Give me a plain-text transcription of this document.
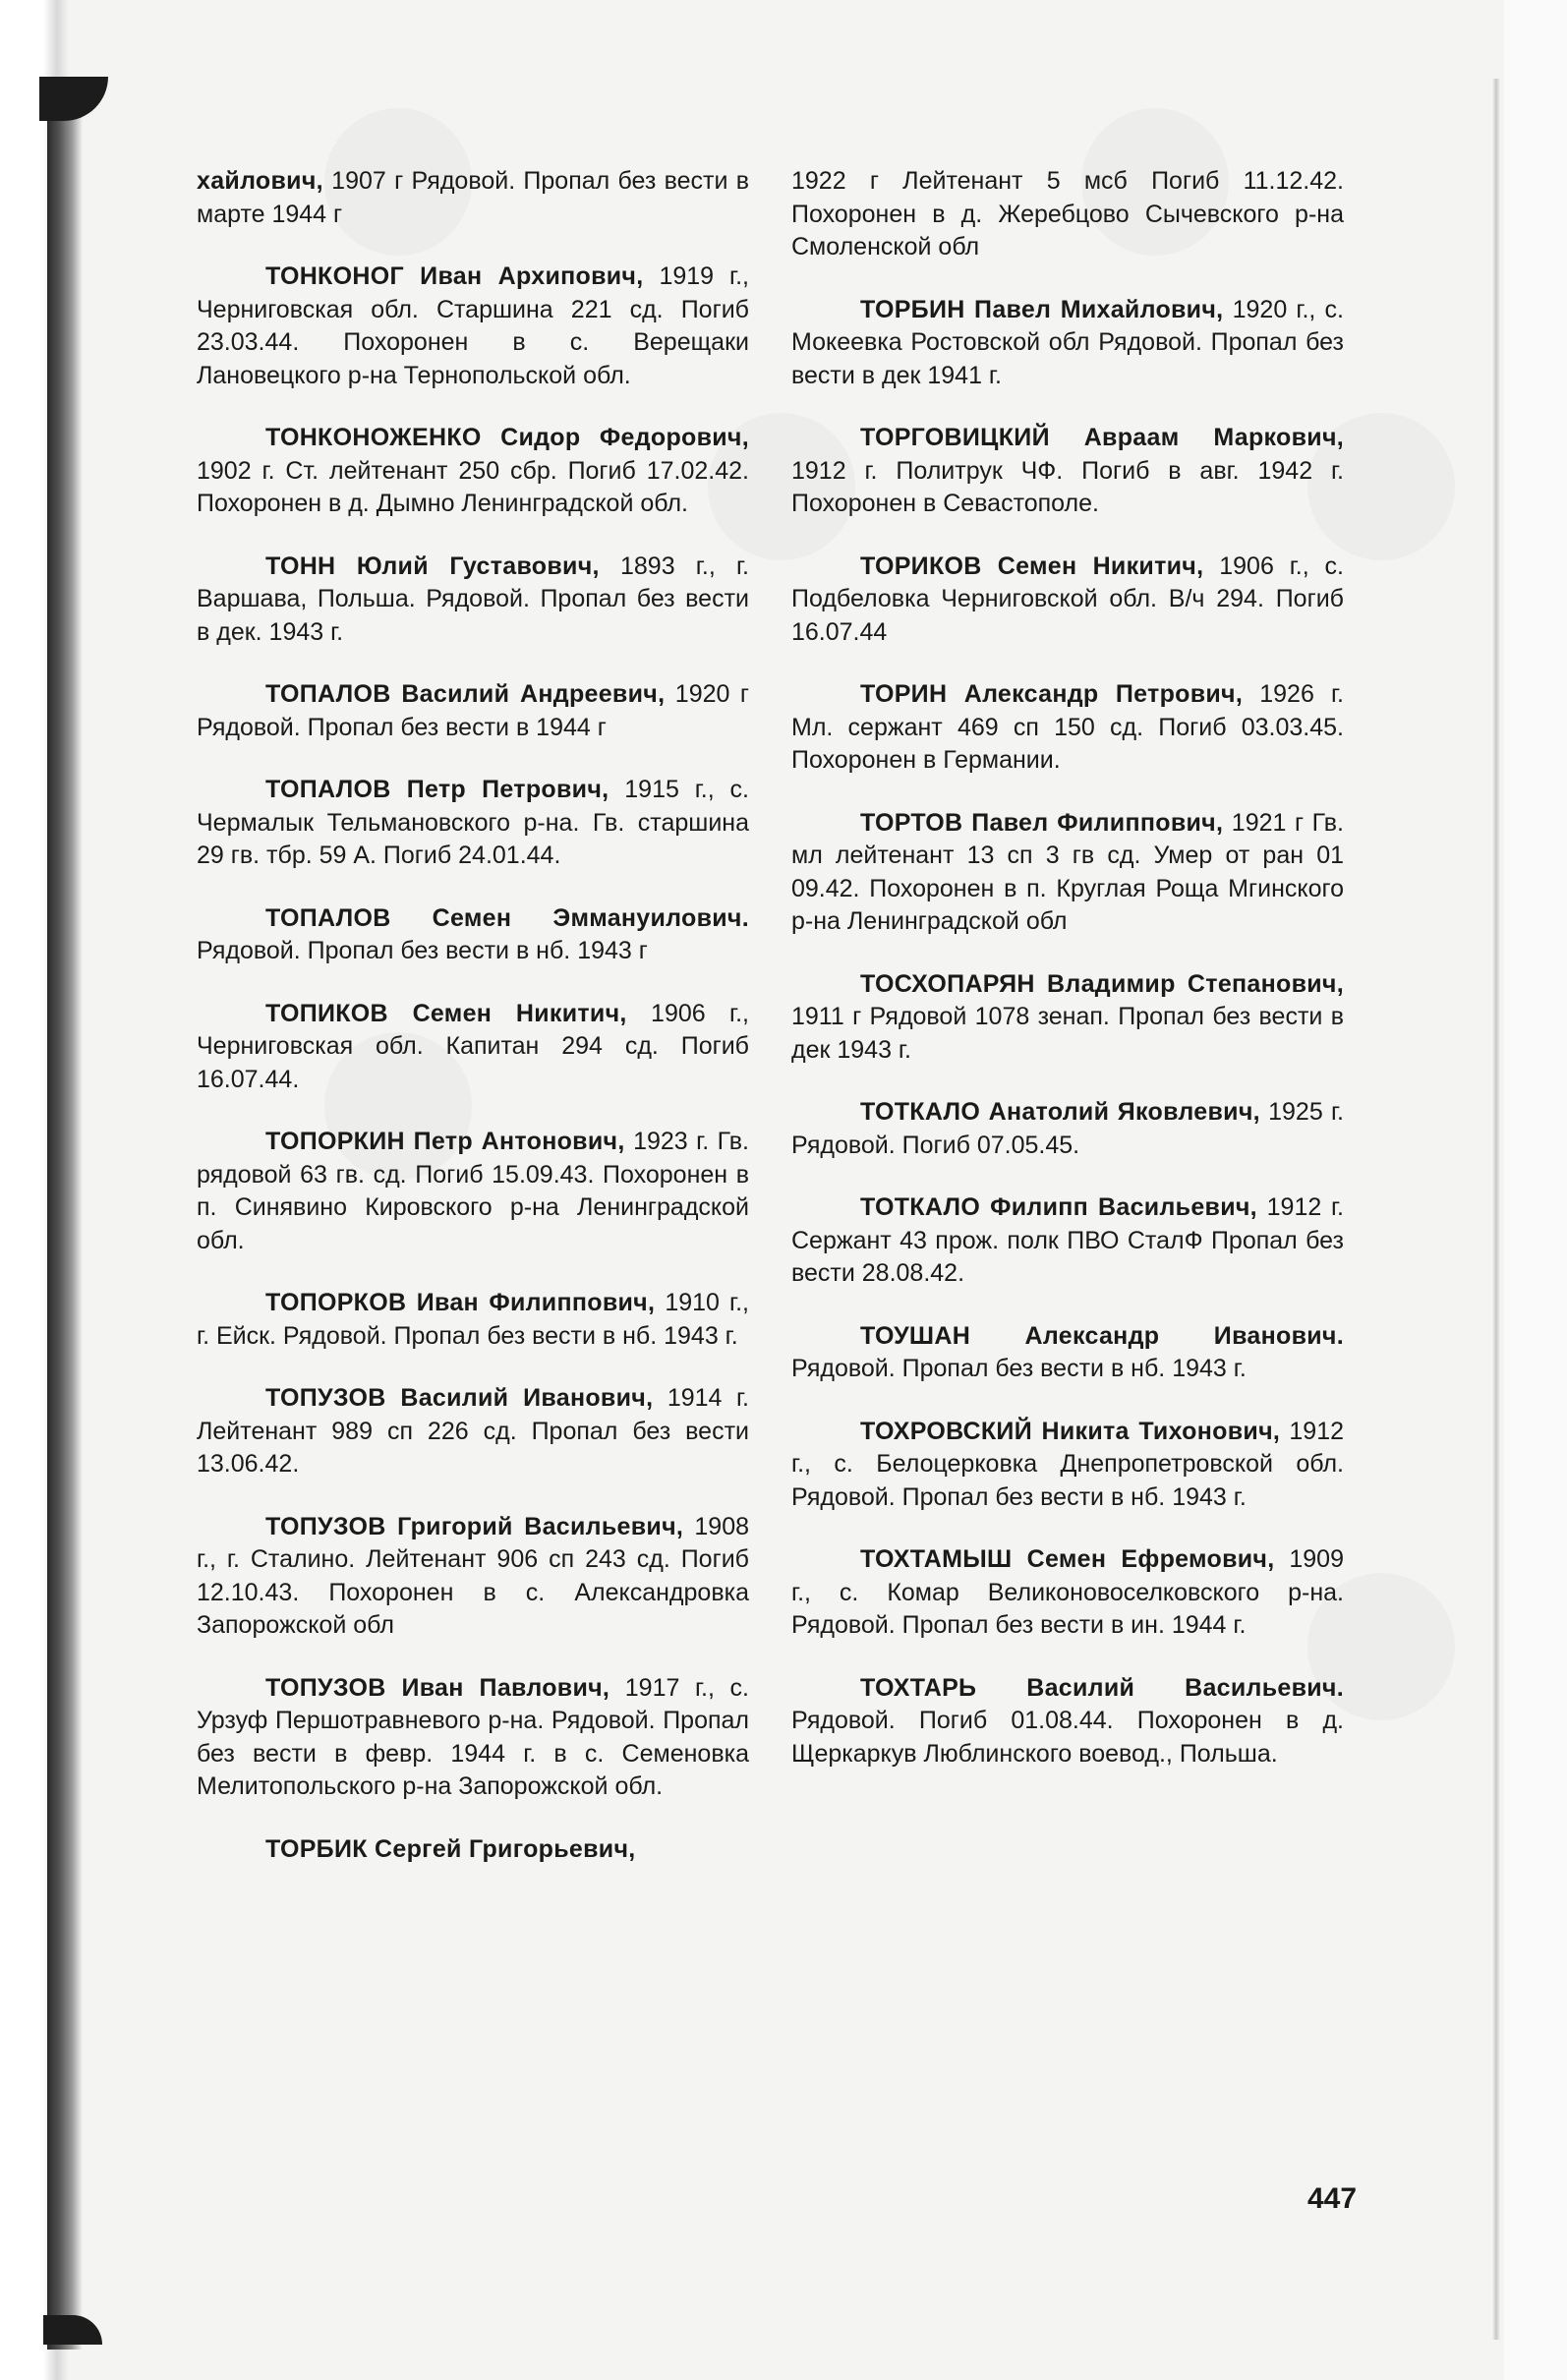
хайлович, 1907 г Рядовой. Пропал без вести в марте 1944 г

ТОНКОНОГ Иван Архипович, 1919 г., Черниговская обл. Старшина 221 сд. Погиб 23.03.44. Похоронен в с. Верещаки Лановецкого р-на Тернопольской обл.

ТОНКОНОЖЕНКО Сидор Федорович, 1902 г. Ст. лейтенант 250 сбр. Погиб 17.02.42. Похоронен в д. Дымно Ленинградской обл.

ТОНН Юлий Густавович, 1893 г., г. Варшава, Польша. Рядовой. Пропал без вести в дек. 1943 г.

ТОПАЛОВ Василий Андреевич, 1920 г Рядовой. Пропал без вести в 1944 г

ТОПАЛОВ Петр Петрович, 1915 г., с. Чермалык Тельмановского р-на. Гв. старшина 29 гв. тбр. 59 А. Погиб 24.01.44.

ТОПАЛОВ Семен Эммануилович. Рядовой. Пропал без вести в нб. 1943 г

ТОПИКОВ Семен Никитич, 1906 г., Черниговская обл. Капитан 294 сд. Погиб 16.07.44.

ТОПОРКИН Петр Антонович, 1923 г. Гв. рядовой 63 гв. сд. Погиб 15.09.43. Похоронен в п. Синявино Кировского р-на Ленинградской обл.

ТОПОРКОВ Иван Филиппович, 1910 г., г. Ейск. Рядовой. Пропал без вести в нб. 1943 г.

ТОПУЗОВ Василий Иванович, 1914 г. Лейтенант 989 сп 226 сд. Пропал без вести 13.06.42.

ТОПУЗОВ Григорий Васильевич, 1908 г., г. Сталино. Лейтенант 906 сп 243 сд. Погиб 12.10.43. Похоронен в с. Александровка Запорожской обл

ТОПУЗОВ Иван Павлович, 1917 г., с. Урзуф Першотравневого р-на. Рядовой. Пропал без вести в февр. 1944 г. в с. Семеновка Мелитопольского р-на Запорожской обл.

ТОРБИК Сергей Григорьевич,

1922 г Лейтенант 5 мсб Погиб 11.12.42. Похоронен в д. Жеребцово Сычевского р-на Смоленской обл

ТОРБИН Павел Михайлович, 1920 г., с. Мокеевка Ростовской обл Рядовой. Пропал без вести в дек 1941 г.

ТОРГОВИЦКИЙ Авраам Маркович, 1912 г. Политрук ЧФ. Погиб в авг. 1942 г. Похоронен в Севастополе.

ТОРИКОВ Семен Никитич, 1906 г., с. Подбеловка Черниговской обл. В/ч 294. Погиб 16.07.44

ТОРИН Александр Петрович, 1926 г. Мл. сержант 469 сп 150 сд. Погиб 03.03.45. Похоронен в Германии.

ТОРТОВ Павел Филиппович, 1921 г Гв. мл лейтенант 13 сп 3 гв сд. Умер от ран 01 09.42. Похоронен в п. Круглая Роща Мгинского р-на Ленинградской обл

ТОСХОПАРЯН Владимир Степанович, 1911 г Рядовой 1078 зенап. Пропал без вести в дек 1943 г.

ТОТКАЛО Анатолий Яковлевич, 1925 г. Рядовой. Погиб 07.05.45.

ТОТКАЛО Филипп Васильевич, 1912 г. Сержант 43 прож. полк ПВО СталФ Пропал без вести 28.08.42.

ТОУШАН Александр Иванович. Рядовой. Пропал без вести в нб. 1943 г.

ТОХРОВСКИЙ Никита Тихонович, 1912 г., с. Белоцерковка Днепропетровской обл. Рядовой. Пропал без вести в нб. 1943 г.

ТОХТАМЫШ Семен Ефремович, 1909 г., с. Комар Великоновоселковского р-на. Рядовой. Пропал без вести в ин. 1944 г.

ТОХТАРЬ Василий Васильевич. Рядовой. Погиб 01.08.44. Похоронен в д. Щеркаркув Люблинского воевод., Польша.

447
